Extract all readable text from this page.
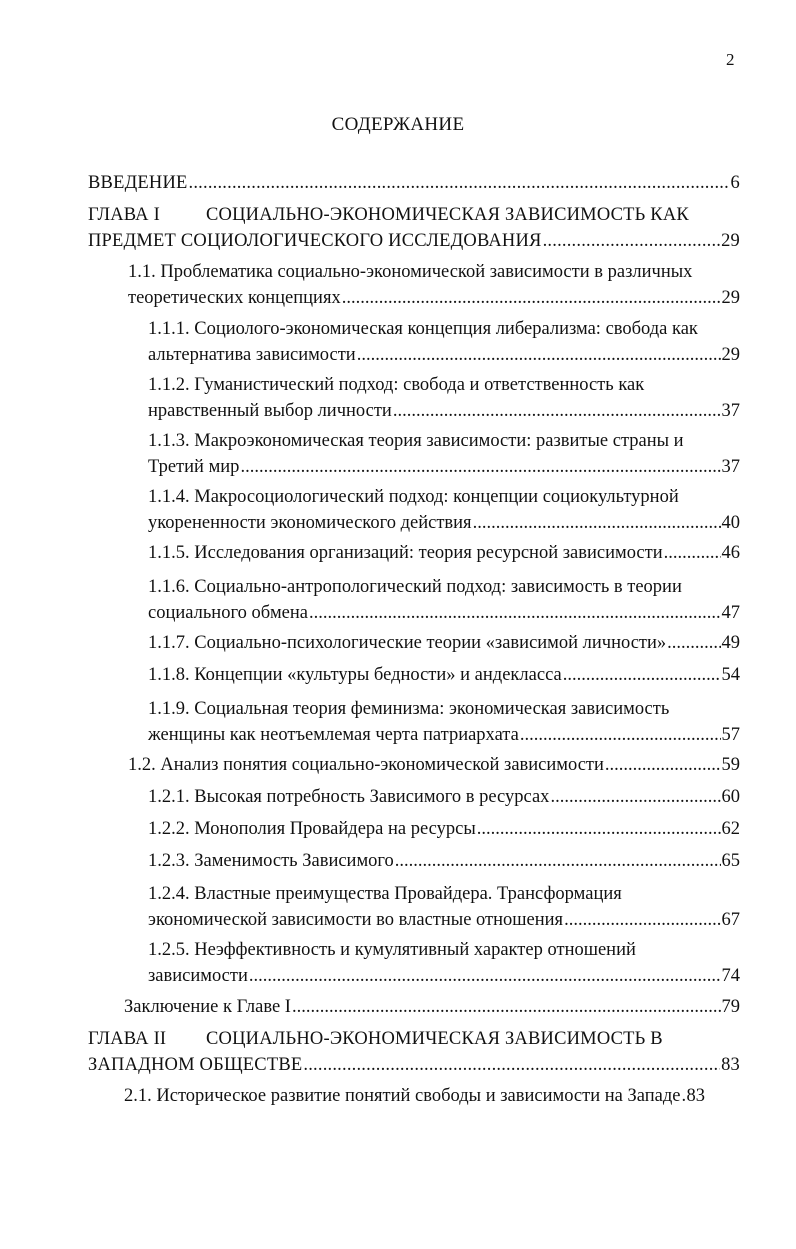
2
СОДЕРЖАНИЕ
ВВЕДЕНИЕ .....	6
ГЛАВА I	СОЦИАЛЬНО-ЭКОНОМИЧЕСКАЯ ЗАВИСИМОСТЬ КАК
ПРЕДМЕТ СОЦИОЛОГИЧЕСКОГО ИССЛЕДОВАНИЯ .....	29
1.1. Проблематика социально-экономической зависимости в различных
теоретических концепциях .....	29
1.1.1. Социолого-экономическая концепция либерализма: свобода как
альтернатива зависимости .....	29
1.1.2. Гуманистический подход: свобода и ответственность как
нравственный выбор личности .....	37
1.1.3. Макроэкономическая теория зависимости: развитые страны и
Третий мир .....	37
1.1.4. Макросоциологический подход: концепции социокультурной
укорененности экономического действия .....	40
1.1.5. Исследования организаций: теория ресурсной зависимости .....	46
1.1.6. Социально-антропологический подход: зависимость в теории
социального обмена .....	47
1.1.7. Социально-психологические теории «зависимой личности» .....	49
1.1.8. Концепции «культуры бедности» и андекласса .....	54
1.1.9. Социальная теория феминизма: экономическая зависимость
женщины как неотъемлемая черта патриархата .....	57
1.2. Анализ понятия социально-экономической зависимости .....	59
1.2.1. Высокая потребность Зависимого в ресурсах .....	60
1.2.2. Монополия Провайдера на ресурсы .....	62
1.2.3. Заменимость Зависимого .....	65
1.2.4. Властные преимущества Провайдера. Трансформация
экономической зависимости во властные отношения .....	67
1.2.5. Неэффективность и кумулятивный характер отношений
зависимости .....	74
Заключение к Главе I .....	79
ГЛАВА II	СОЦИАЛЬНО-ЭКОНОМИЧЕСКАЯ ЗАВИСИМОСТЬ В
ЗАПАДНОМ ОБЩЕСТВЕ .....	83
2.1. Историческое развитие понятий свободы и зависимости на Западе ..... 83
